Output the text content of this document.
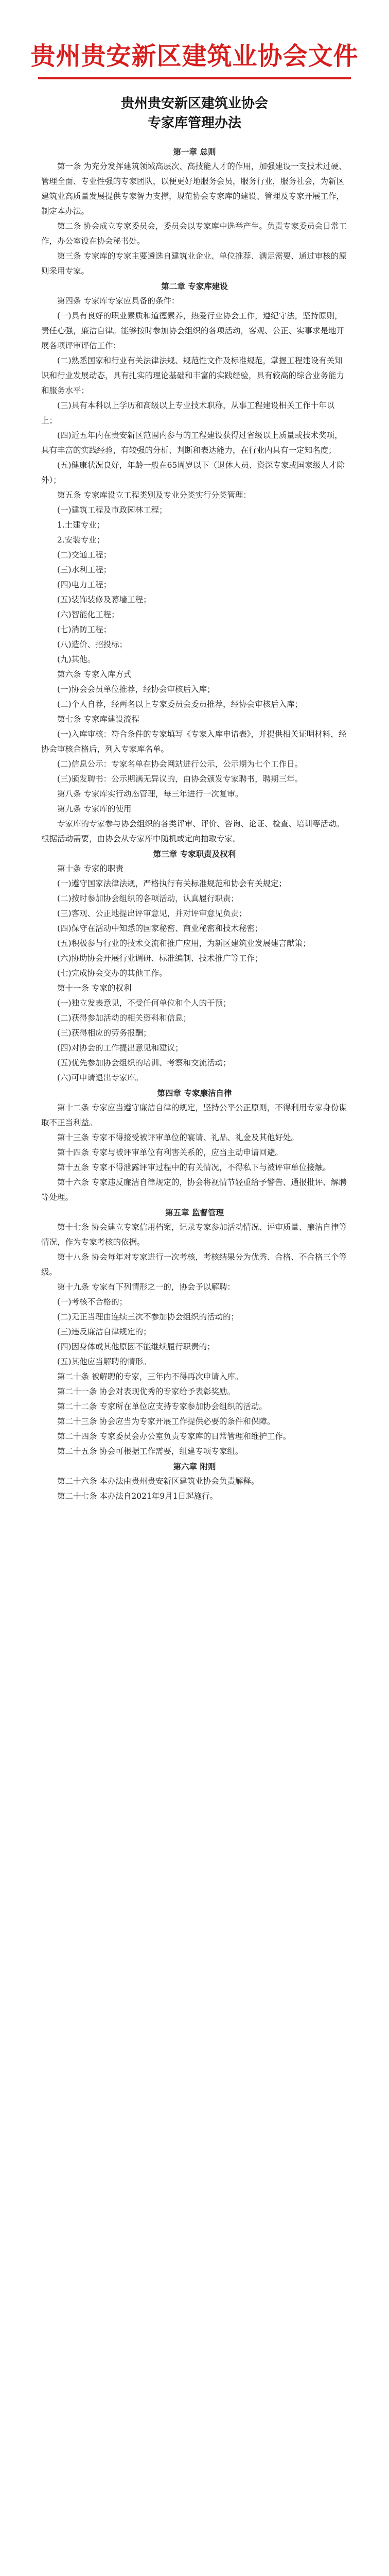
贵州贵安新区建筑业协会文件
贵州贵安新区建筑业协会
专家库管理办法

第一章 总则

第一条 为充分发挥建筑领域高层次、高技能人才的作用，加强建设一支技术过硬、管理全面、专业性强的专家团队，以便更好地服务会员，服务行业，服务社会，为新区建筑业高质量发展提供专家智力支撑，规范协会专家库的建设、管理及专家开展工作，制定本办法。

第二条 协会成立专家委员会，委员会以专家库中选举产生。负责专家委员会日常工作，办公室设在协会秘书处。

第三条 专家库的专家主要遴选自建筑业企业、单位推荐、满足需要、通过审核的原则采用专家。

第二章 专家库建设

第四条 专家库专家应具备的条件：

(一)具有良好的职业素质和道德素养，热爱行业协会工作，遵纪守法，坚持原则，责任心强，廉洁自律。能够按时参加协会组织的各项活动，客观、公正、实事求是地开展各项评审评估工作；

(二)熟悉国家和行业有关法律法规、规范性文件及标准规范，掌握工程建设有关知识和行业发展动态，具有扎实的理论基础和丰富的实践经验，具有较高的综合业务能力和服务水平；

(三)具有本科以上学历和高级以上专业技术职称，从事工程建设相关工作十年以上；

(四)近五年内在贵安新区范围内参与的工程建设获得过省级以上质量或技术奖项，具有丰富的实践经验，有较强的分析、判断和表达能力，在行业内具有一定知名度；

(五)健康状况良好，年龄一般在65周岁以下（退休人员、资深专家或国家级人才除外）；

第五条 专家库设立工程类别及专业分类实行分类管理：

(一)建筑工程及市政园林工程；

1.土建专业；

2.安装专业；

(二)交通工程；

(三)水利工程；

(四)电力工程；

(五)装饰装修及幕墙工程；

(六)智能化工程；

(七)消防工程；

(八)造价、招投标；

(九)其他。

第六条 专家入库方式

(一)协会会员单位推荐，经协会审核后入库；

(二)个人自荐，经两名以上专家委员会委员推荐，经协会审核后入库；

第七条 专家库建设流程

(一)入库审核：符合条件的专家填写《专家入库申请表》，并提供相关证明材料，经协会审核合格后，列入专家库名单。

(二)信息公示：专家名单在协会网站进行公示，公示期为七个工作日。

(三)颁发聘书：公示期满无异议的，由协会颁发专家聘书，聘期三年。

第八条 专家库实行动态管理，每三年进行一次复审。

第九条 专家库的使用

专家库的专家参与协会组织的各类评审、评价、咨询、论证、检查、培训等活动。根据活动需要，由协会从专家库中随机或定向抽取专家。

第三章 专家职责及权利

第十条 专家的职责

(一)遵守国家法律法规，严格执行有关标准规范和协会有关规定；

(二)按时参加协会组织的各项活动，认真履行职责；

(三)客观、公正地提出评审意见，并对评审意见负责；

(四)保守在活动中知悉的国家秘密、商业秘密和技术秘密；

(五)积极参与行业的技术交流和推广应用，为新区建筑业发展建言献策；

(六)协助协会开展行业调研、标准编制、技术推广等工作；

(七)完成协会交办的其他工作。

第十一条 专家的权利

(一)独立发表意见，不受任何单位和个人的干预；

(二)获得参加活动的相关资料和信息；

(三)获得相应的劳务报酬；

(四)对协会的工作提出意见和建议；

(五)优先参加协会组织的培训、考察和交流活动；

(六)可申请退出专家库。

第四章 专家廉洁自律

第十二条 专家应当遵守廉洁自律的规定，坚持公平公正原则，不得利用专家身份谋取不正当利益。

第十三条 专家不得接受被评审单位的宴请、礼品、礼金及其他好处。

第十四条 专家与被评审单位有利害关系的，应当主动申请回避。

第十五条 专家不得泄露评审过程中的有关情况，不得私下与被评审单位接触。

第十六条 专家违反廉洁自律规定的，协会将视情节轻重给予警告、通报批评、解聘等处理。

第五章 监督管理

第十七条 协会建立专家信用档案，记录专家参加活动情况、评审质量、廉洁自律等情况，作为专家考核的依据。

第十八条 协会每年对专家进行一次考核，考核结果分为优秀、合格、不合格三个等级。

第十九条 专家有下列情形之一的，协会予以解聘：

(一)考核不合格的；

(二)无正当理由连续三次不参加协会组织的活动的；

(三)违反廉洁自律规定的；

(四)因身体或其他原因不能继续履行职责的；

(五)其他应当解聘的情形。

第二十条 被解聘的专家，三年内不得再次申请入库。

第二十一条 协会对表现优秀的专家给予表彰奖励。

第二十二条 专家所在单位应支持专家参加协会组织的活动。

第二十三条 协会应当为专家开展工作提供必要的条件和保障。

第二十四条 专家委员会办公室负责专家库的日常管理和维护工作。

第二十五条 协会可根据工作需要，组建专项专家组。

第六章 附则

第二十六条 本办法由贵州贵安新区建筑业协会负责解释。

第二十七条 本办法自2021年9月1日起施行。
